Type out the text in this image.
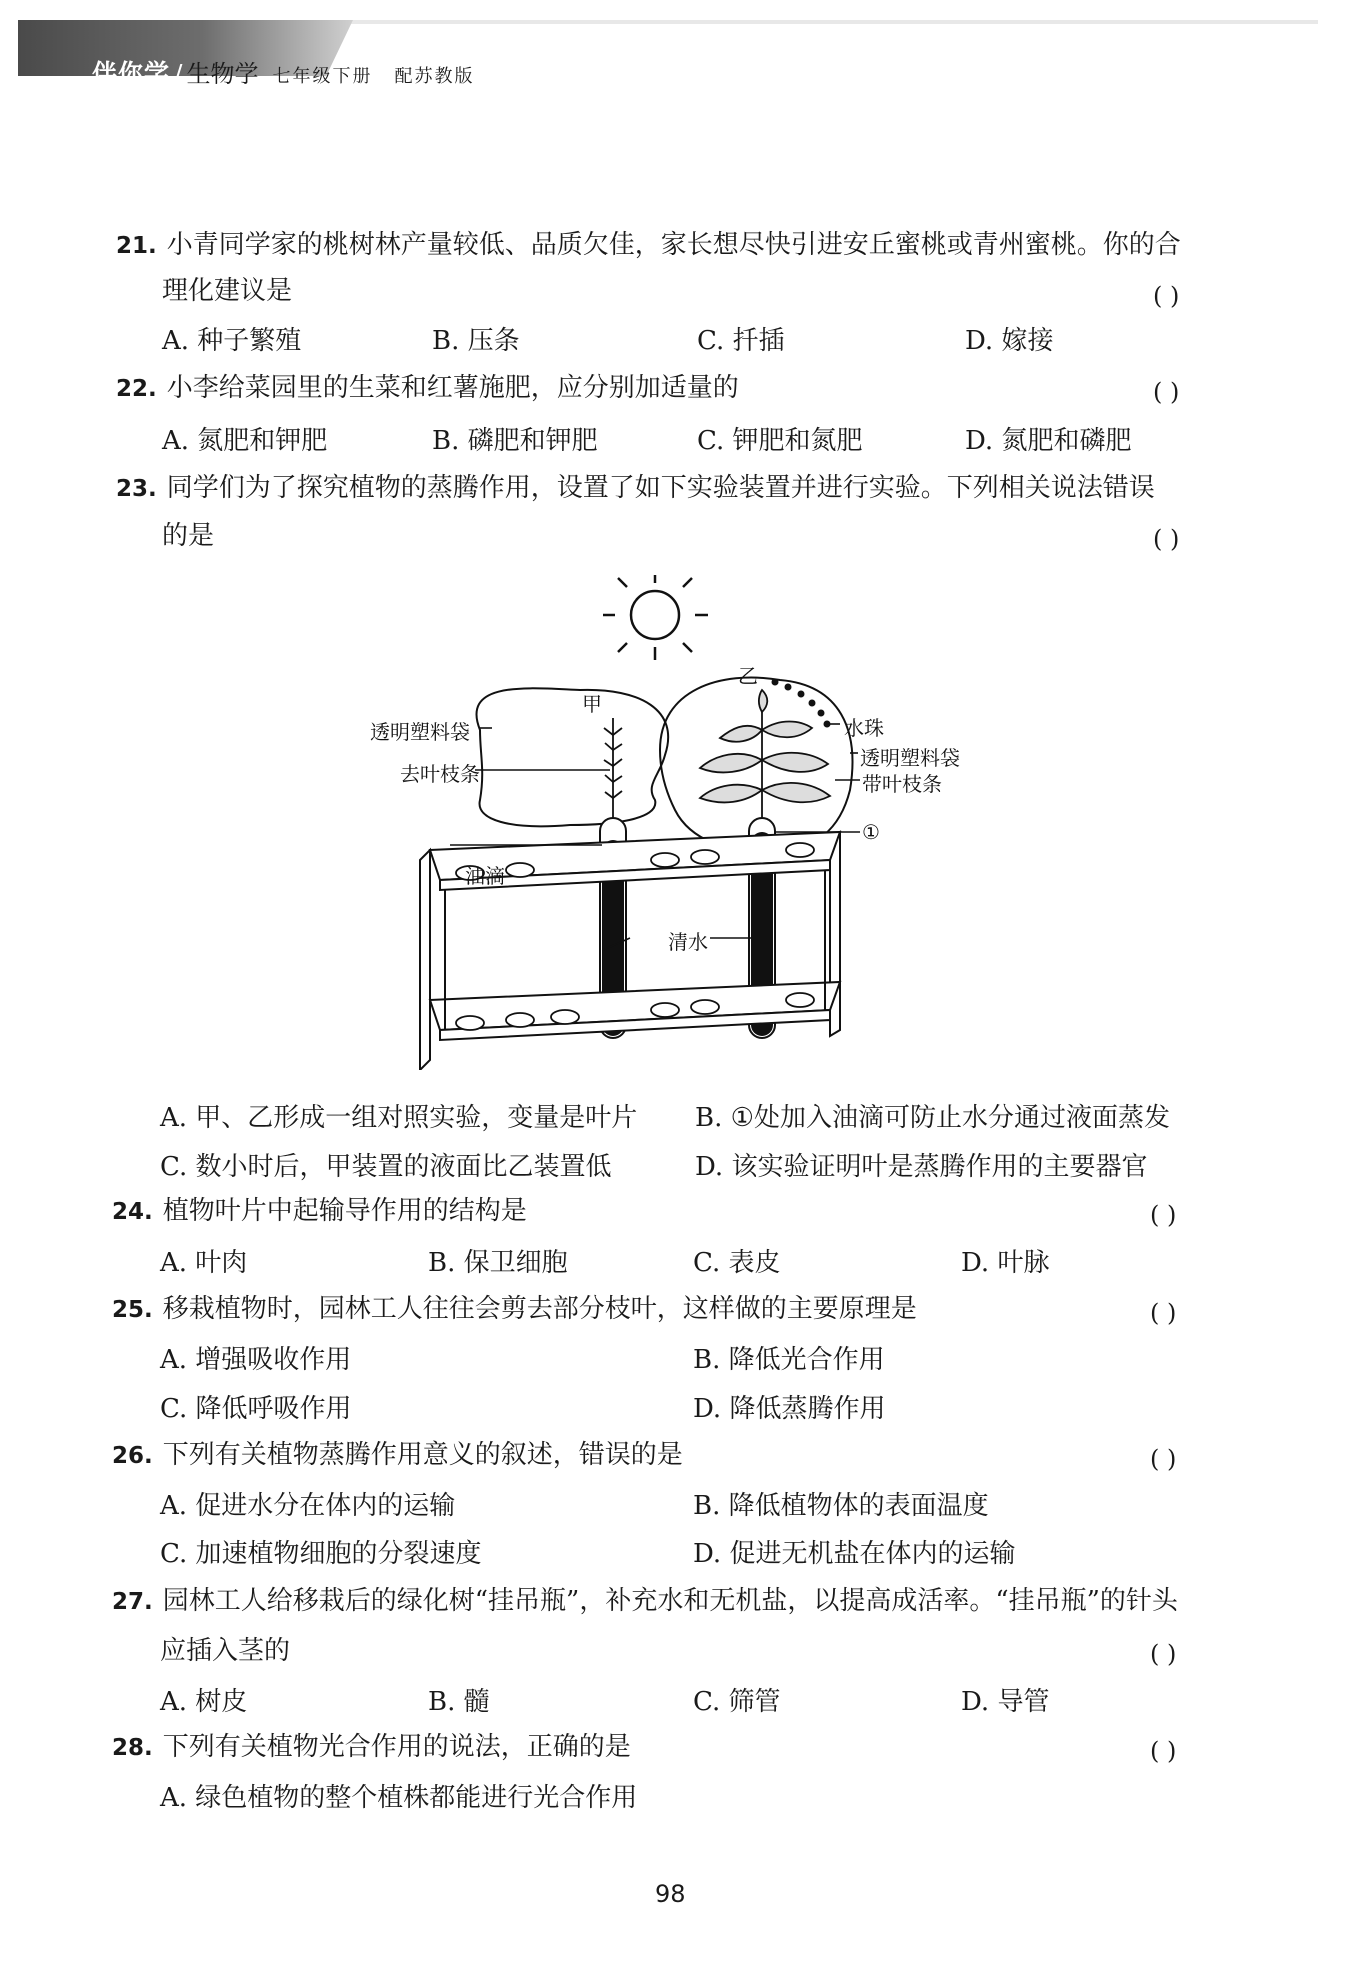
伴你学 / 生物学 七年级下册 配苏教版
21. 小青同学家的桃树林产量较低、品质欠佳，家长想尽快引进安丘蜜桃或青州蜜桃。你的合
理化建议是	( )
A. 种子繁殖	B. 压条	C. 扦插	D. 嫁接
22. 小李给菜园里的生菜和红薯施肥，应分别加适量的	( )
A. 氮肥和钾肥	B. 磷肥和钾肥	C. 钾肥和氮肥	D. 氮肥和磷肥
23. 同学们为了探究植物的蒸腾作用，设置了如下实验装置并进行实验。下列相关说法错误
的是	( )
甲
乙
透明塑料袋
去叶枝条
油滴
清水
水珠
透明塑料袋
带叶枝条
①
A. 甲、乙形成一组对照实验，变量是叶片 B. ①处加入油滴可防止水分通过液面蒸发
C. 数小时后，甲装置的液面比乙装置低	D. 该实验证明叶是蒸腾作用的主要器官
24. 植物叶片中起输导作用的结构是	( )
A. 叶肉	B. 保卫细胞	C. 表皮	D. 叶脉
25. 移栽植物时，园林工人往往会剪去部分枝叶，这样做的主要原理是	( )
A. 增强吸收作用	B. 降低光合作用
C. 降低呼吸作用	D. 降低蒸腾作用
26. 下列有关植物蒸腾作用意义的叙述，错误的是	( )
A. 促进水分在体内的运输	B. 降低植物体的表面温度
C. 加速植物细胞的分裂速度	D. 促进无机盐在体内的运输
27. 园林工人给移栽后的绿化树“挂吊瓶”，补充水和无机盐，以提高成活率。“挂吊瓶”的针头
应插入茎的	( )
A. 树皮	B. 髓	C. 筛管	D. 导管
28. 下列有关植物光合作用的说法，正确的是	( )
A. 绿色植物的整个植株都能进行光合作用
98
